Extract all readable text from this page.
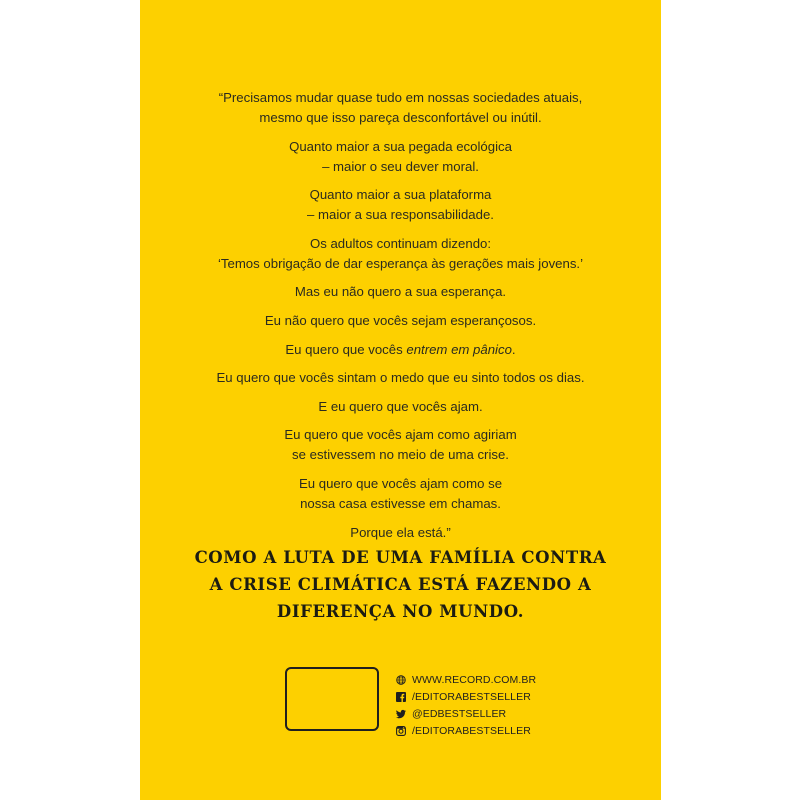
“Precisamos mudar quase tudo em nossas sociedades atuais,
mesmo que isso pareça desconfortável ou inútil.
Quanto maior a sua pegada ecológica
– maior o seu dever moral.
Quanto maior a sua plataforma
– maior a sua responsabilidade.
Os adultos continuam dizendo:
‘Temos obrigação de dar esperança às gerações mais jovens.’
Mas eu não quero a sua esperança.
Eu não quero que vocês sejam esperançosos.
Eu quero que vocês entrem em pânico.
Eu quero que vocês sintam o medo que eu sinto todos os dias.
E eu quero que vocês ajam.
Eu quero que vocês ajam como agiriam
se estivessem no meio de uma crise.
Eu quero que vocês ajam como se
nossa casa estivesse em chamas.
Porque ela está.”
COMO A LUTA DE UMA FAMÍLIA CONTRA
A CRISE CLIMÁTICA ESTÁ FAZENDO A
DIFERENÇA NO MUNDO.
WWW.RECORD.COM.BR
/EDITORABESTSELLER
@EDBESTSELLER
/EDITORABESTSELLER
